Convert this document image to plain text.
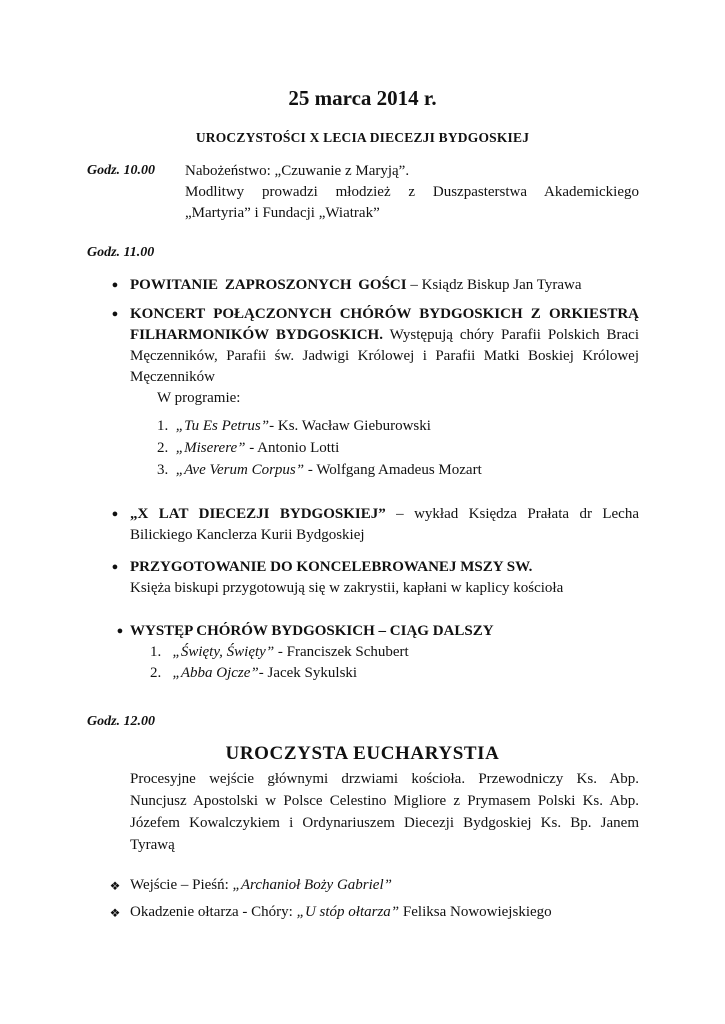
25 marca 2014 r.
UROCZYSTOŚCI X LECIA DIECEZJI BYDGOSKIEJ
Godz. 10.00 Nabożeństwo: „Czuwanie z Maryją”.
Modlitwy prowadzi młodzież z Duszpasterstwa Akademickiego
„Martyria” i Fundacji „Wiatrak”
Godz. 11.00
● POWITANIE ZAPROSZONYCH GOŚCI – Ksiądz Biskup Jan Tyrawa
● KONCERT POŁĄCZONYCH CHÓRÓW BYDGOSKICH Z ORKIESTRĄ
FILHARMONIKÓW BYDGOSKICH. Występują chóry Parafii Polskich Braci
Męczenników, Parafii św. Jadwigi Królowej i Parafii Matki Boskiej Królowej
Męczenników
W programie:
1. „Tu Es Petrus”- Ks. Wacław Gieburowski
2. „Miserere” - Antonio Lotti
3. „Ave Verum Corpus” - Wolfgang Amadeus Mozart
● „X LAT DIECEZJI BYDGOSKIEJ” – wykład Księdza Prałata dr Lecha
Bilickiego Kanclerza Kurii Bydgoskiej
● PRZYGOTOWANIE DO KONCELEBROWANEJ MSZY SW.
Księża biskupi przygotowują się w zakrystii, kapłani w kaplicy kościoła
● WYSTĘP CHÓRÓW BYDGOSKICH – CIĄG DALSZY
1. „Święty, Święty” - Franciszek Schubert
2. „Abba Ojcze”- Jacek Sykulski
Godz. 12.00
UROCZYSTA EUCHARYSTIA
Procesyjne wejście głównymi drzwiami kościoła. Przewodniczy Ks. Abp.
Nuncjusz Apostolski w Polsce Celestino Migliore z Prymasem Polski Ks. Abp.
Józefem Kowalczykiem i Ordynariuszem Diecezji Bydgoskiej Ks. Bp. Janem
Tyrawą
❖ Wejście – Pieśń: „Archanioł Boży Gabriel”
❖ Okadzenie ołtarza - Chóry: „U stóp ołtarza” Feliksa Nowowiejskiego
